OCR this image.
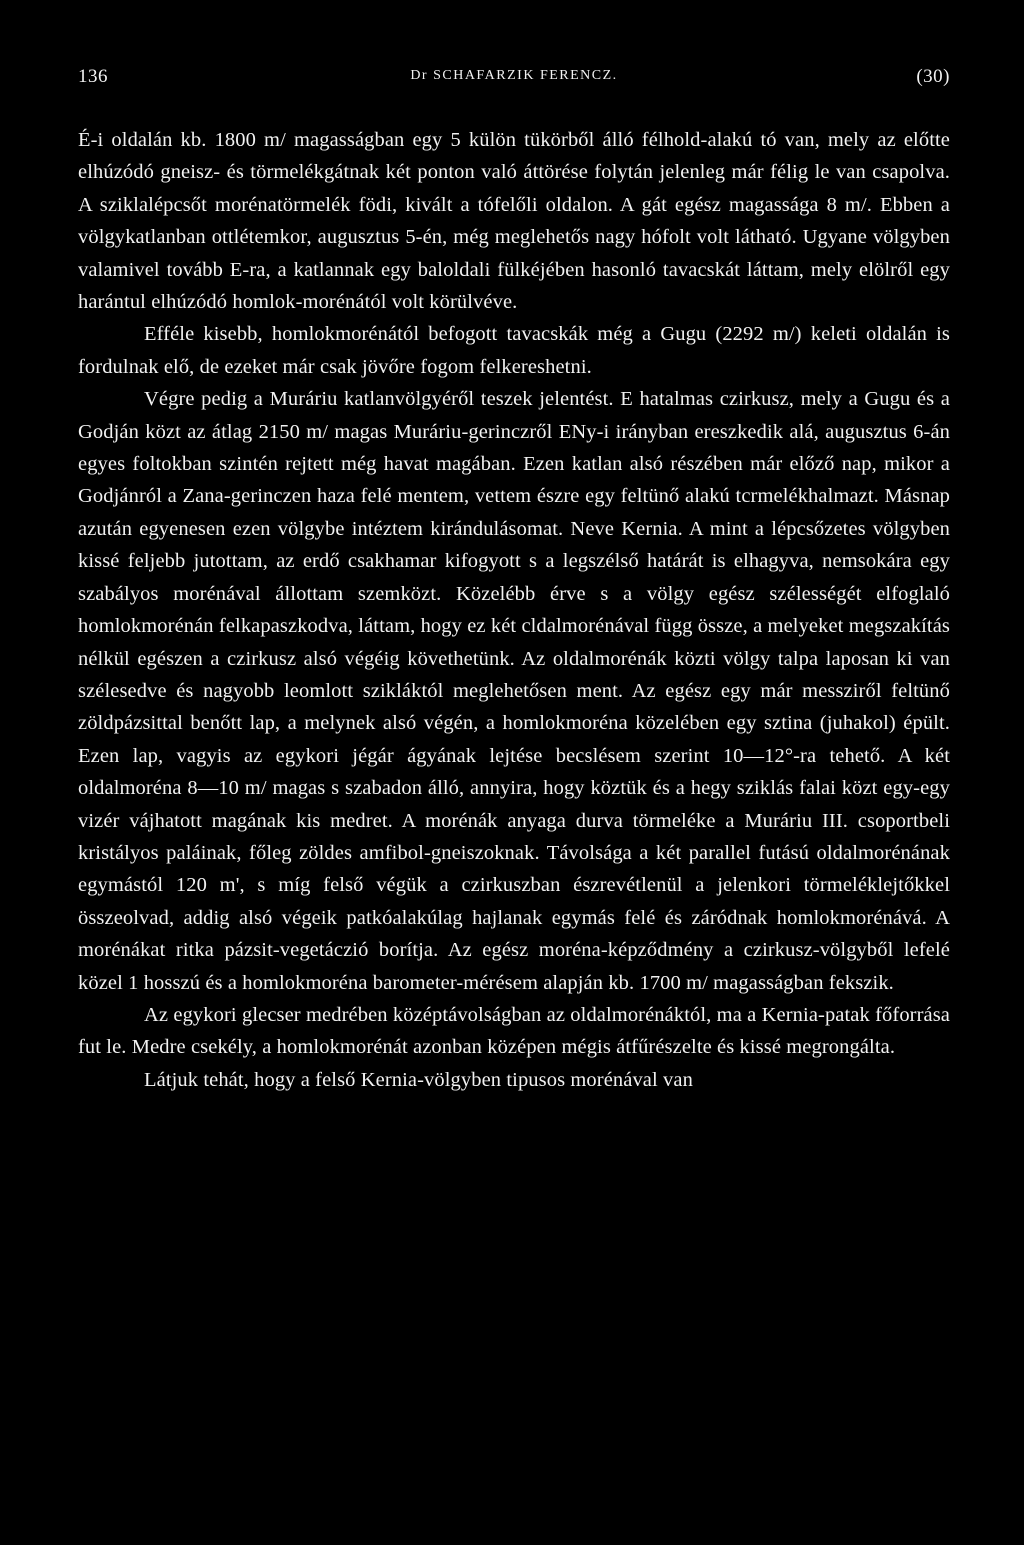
136	Dr SCHAFARZIK FERENCZ.	(30)

É-i oldalán kb. 1800 m/ magasságban egy 5 külön tükörből álló félhold-alakú tó van, mely az előtte elhúzódó gneisz- és törmelékgátnak két ponton való áttörése folytán jelenleg már félig le van csapolva. A sziklalépcsőt morénatörmelék födi, kivált a tófelőli oldalon. A gát egész magassága 8 m/. Ebben a völgykatlanban ottlétemkor, augusztus 5-én, még meglehetős nagy hófolt volt látható. Ugyane völgyben valamivel tovább E-ra, a katlannak egy baloldali fülkéjében hasonló tavacskát láttam, mely elölről egy harántul elhúzódó homlok-morénától volt körülvéve.

Efféle kisebb, homlokmorénától befogott tavacskák még a Gugu (2292 m/) keleti oldalán is fordulnak elő, de ezeket már csak jövőre fogom felkereshetni.

Végre pedig a Muráriu katlanvölgyéről teszek jelentést. E hatalmas czirkusz, mely a Gugu és a Godján közt az átlag 2150 m/ magas Muráriu-gerinczről ENy-i irányban ereszkedik alá, augusztus 6-án egyes foltokban szintén rejtett még havat magában. Ezen katlan alsó részében már előző nap, mikor a Godjánról a Zana-gerinczen haza felé mentem, vettem észre egy feltünő alakú tcrmelékhalmazt. Másnap azután egyenesen ezen völgybe intéztem kirándulásomat. Neve Kernia. A mint a lépcsőzetes völgyben kissé feljebb jutottam, az erdő csakhamar kifogyott s a legszélső határát is elhagyva, nemsokára egy szabályos morénával állottam szemközt. Közelébb érve s a völgy egész szélességét elfoglaló homlokmorénán felkapaszkodva, láttam, hogy ez két cldalmorénával függ össze, a melyeket megszakítás nélkül egészen a czirkusz alsó végéig követhetünk. Az oldalmorénák közti völgy talpa laposan ki van szélesedve és nagyobb leomlott szikláktól meglehetősen ment. Az egész egy már messziről feltünő zöldpázsittal benőtt lap, a melynek alsó végén, a homlokmoréna közelében egy sztina (juhakol) épült. Ezen lap, vagyis az egykori jégár ágyának lejtése becslésem szerint 10—12°-ra tehető. A két oldalmoréna 8—10 m/ magas s szabadon álló, annyira, hogy köztük és a hegy sziklás falai közt egy-egy vizér vájhatott magának kis medret. A morénák anyaga durva törmeléke a Muráriu III. csoportbeli kristályos paláinak, főleg zöldes amfibol-gneiszoknak. Távolsága a két parallel futású oldalmorénának egymástól 120 m', s míg felső végük a czirkuszban észrevétlenül a jelenkori törmeléklejtőkkel összeolvad, addig alsó végeik patkóalakúlag hajlanak egymás felé és záródnak homlokmorénává. A morénákat ritka pázsit-vegetáczió borítja. Az egész moréna-képződmény a czirkusz-völgyből lefelé közel 1 hosszú és a homlokmoréna barometer-mérésem alapján kb. 1700 m/ magasságban fekszik.

Az egykori glecser medrében középtávolságban az oldalmorénáktól, ma a Kernia-patak főforrása fut le. Medre csekély, a homlokmorénát azonban középen mégis átfűrészelte és kissé megrongálta.

Látjuk tehát, hogy a felső Kernia-völgyben tipusos morénával van
